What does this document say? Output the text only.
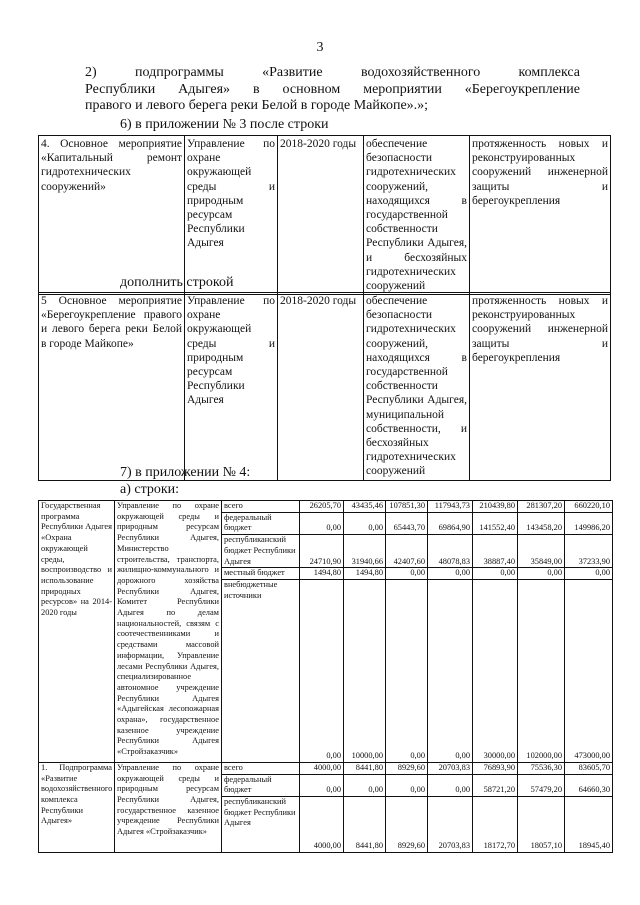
3
2) подпрограммы «Развитие водохозяйственного комплекса
Республики Адыгея» в основном мероприятии «Берегоукрепление
правого и левого берега реки Белой в городе Майкопе».»;
6) в приложении № 3 после строки
4. Основное мероприятие «Капитальный ремонт гидротехнических сооружений»	Управление по охране окружающей среды и природным ресурсам Республики Адыгея	2018-2020 годы	обеспечение безопасности гидротехнических сооружений, находящихся в государственной собственности Республики Адыгея, и бесхозяйных гидротехнических сооружений	протяженность новых и реконструированных сооружений инженерной защиты и берегоукрепления
дополнить строкой
5 Основное мероприятие «Берегоукрепление правого и левого берега реки Белой в городе Майкопе»	Управление по охране окружающей среды и природным ресурсам Республики Адыгея	2018-2020 годы	обеспечение безопасности гидротехнических сооружений, находящихся в государственной собственности Республики Адыгея, муниципальной собственности, и бесхозяйных гидротехнических сооружений	протяженность новых и реконструированных сооружений инженерной защиты и берегоукрепления
7) в приложении № 4:
а) строки:
Государственная программа Республики Адыгея «Охрана окружающей среды, воспроизводство и использование природных ресурсов» на 2014-2020 годы	Управление по охране окружающей среды и природным ресурсам Республики Адыгея, Министерство строительства, транспорта, жилищно-коммунального и дорожного хозяйства Республики Адыгея, Комитет Республики Адыгея по делам национальностей, связям с соотечественниками и средствами массовой информации, Управление лесами Республики Адыгея, специализированное автономное учреждение Республики Адыгея «Адыгейская лесопожарная охрана», государственное казенное учреждение Республики Адыгея «Стройзаказчик»	всего	26205,70	43435,46	107851,30	117943,73	210439,80	281307,20	660220,10
		федеральный бюджет	0,00	0,00	65443,70	69864,90	141552,40	143458,20	149986,20
		республиканский бюджет Республики Адыгея	24710,90	31940,66	42407,60	48078,83	38887,40	35849,00	37233,90
		местный бюджет	1494,80	1494,80	0,00	0,00	0,00	0,00	0,00
		внебюджетные источники	0,00	10000,00	0,00	0,00	30000,00	102000,00	473000,00
1. Подпрограмма «Развитие водохозяйственного комплекса Республики Адыгея»	Управление по охране окружающей среды и природным ресурсам Республики Адыгея, государственное казенное учреждение Республики Адыгея «Стройзаказчик»	всего	4000,00	8441,80	8929,60	20703,83	76893,90	75536,30	83605,70
		федеральный бюджет	0,00	0,00	0,00	0,00	58721,20	57479,20	64660,30
		республиканский бюджет Республики Адыгея	4000,00	8441,80	8929,60	20703,83	18172,70	18057,10	18945,40
